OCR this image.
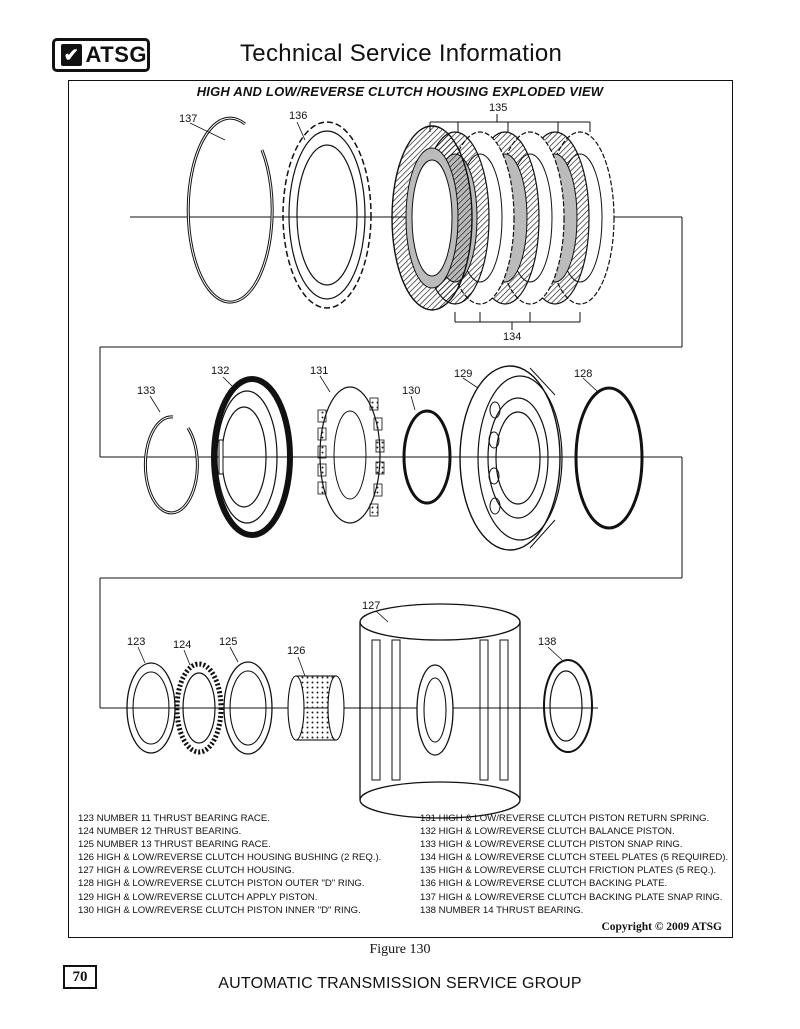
✔ ATSG	Technical Service Information
HIGH AND LOW/REVERSE CLUTCH HOUSING EXPLODED VIEW
135
137	136
134
132	131
133	130
129	128
127
123	124	125
126
138
123 NUMBER 11 THRUST BEARING RACE.
124 NUMBER 12 THRUST BEARING.
125 NUMBER 13 THRUST BEARING RACE.
126 HIGH & LOW/REVERSE CLUTCH HOUSING BUSHING (2 REQ.).
127 HIGH & LOW/REVERSE CLUTCH HOUSING.
128 HIGH & LOW/REVERSE CLUTCH PISTON OUTER "D" RING.
129 HIGH & LOW/REVERSE CLUTCH APPLY PISTON.
130 HIGH & LOW/REVERSE CLUTCH PISTON INNER "D" RING.
131 HIGH & LOW/REVERSE CLUTCH PISTON RETURN SPRING.
132 HIGH & LOW/REVERSE CLUTCH BALANCE PISTON.
133 HIGH & LOW/REVERSE CLUTCH PISTON SNAP RING.
134 HIGH & LOW/REVERSE CLUTCH STEEL PLATES (5 REQUIRED).
135 HIGH & LOW/REVERSE CLUTCH FRICTION PLATES (5 REQ.).
136 HIGH & LOW/REVERSE CLUTCH BACKING PLATE.
137 HIGH & LOW/REVERSE CLUTCH BACKING PLATE SNAP RING.
138 NUMBER 14 THRUST BEARING.
Copyright © 2009 ATSG
Figure 130
70	AUTOMATIC TRANSMISSION SERVICE GROUP
